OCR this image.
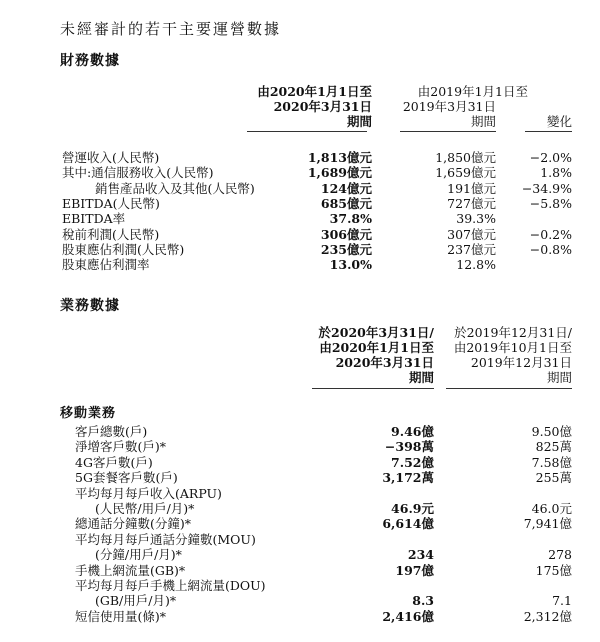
未經審計的若干主要運營數據
財務數據
由2020年1月1日至
2020年3月31日
期間
由2019年1月1日至
2019年3月31日
期間	變化
營運收入(人民幣)	1,813億元	1,850億元	−2.0%
其中:通信服務收入(人民幣)	1,689億元	1,659億元	1.8%
銷售產品收入及其他(人民幣)	124億元	191億元 −34.9%
EBITDA(人民幣)	685億元	727億元	−5.8%
EBITDA率	37.8%	39.3%
稅前利潤(人民幣)	306億元	307億元	−0.2%
股東應佔利潤(人民幣)	235億元	237億元	−0.8%
股東應佔利潤率	13.0%	12.8%
業務數據
於2020年3月31日/
由2020年1月1日至
2020年3月31日
期間
於2019年12月31日/
由2019年10月1日至
2019年12月31日
期間
移動業務
客戶總數(戶)	9.46億	9.50億
淨增客戶數(戶)*	−398萬	825萬
4G客戶數(戶)	7.52億	7.58億
5G套餐客戶數(戶)	3,172萬	255萬
平均每月每戶收入(ARPU)
(人民幣/用戶/月)*	46.9元	46.0元
總通話分鐘數(分鐘)*	6,614億	7,941億
平均每月每戶通話分鐘數(MOU)
(分鐘/用戶/月)*	234	278
手機上網流量(GB)*	197億	175億
平均每月每戶手機上網流量(DOU)
(GB/用戶/月)*	8.3	7.1
短信使用量(條)*	2,416億	2,312億
